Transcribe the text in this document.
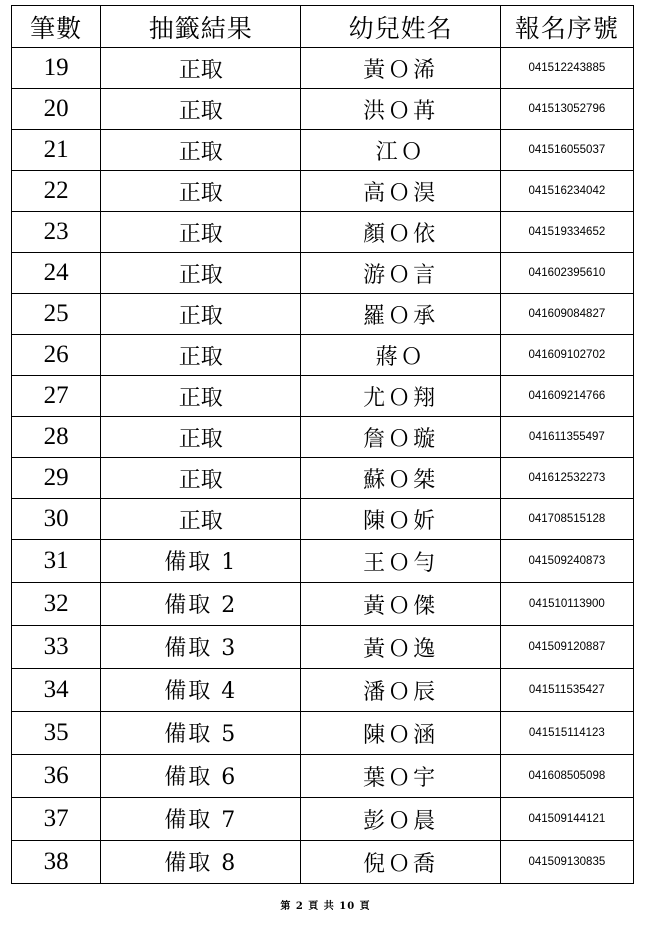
筆數	抽籤結果	幼兒姓名	報名序號
19	正取	黃Ｏ浠	041512243885
20	正取	洪Ｏ苒	041513052796
21	正取	江Ｏ	041516055037
22	正取	高Ｏ淏	041516234042
23	正取	顏Ｏ依	041519334652
24	正取	游Ｏ言	041602395610
25	正取	羅Ｏ承	041609084827
26	正取	蔣Ｏ	041609102702
27	正取	尤Ｏ翔	041609214766
28	正取	詹Ｏ璇	041611355497
29	正取	蘇Ｏ桀	041612532273
30	正取	陳Ｏ妡	041708515128
31	備取 1	王Ｏ勻	041509240873
32	備取 2	黃Ｏ傑	041510113900
33	備取 3	黃Ｏ逸	041509120887
34	備取 4	潘Ｏ辰	041511535427
35	備取 5	陳Ｏ涵	041515114123
36	備取 6	葉Ｏ宇	041608505098
37	備取 7	彭Ｏ晨	041509144121
38	備取 8	倪Ｏ喬	041509130835
第 2 頁 共 10 頁
